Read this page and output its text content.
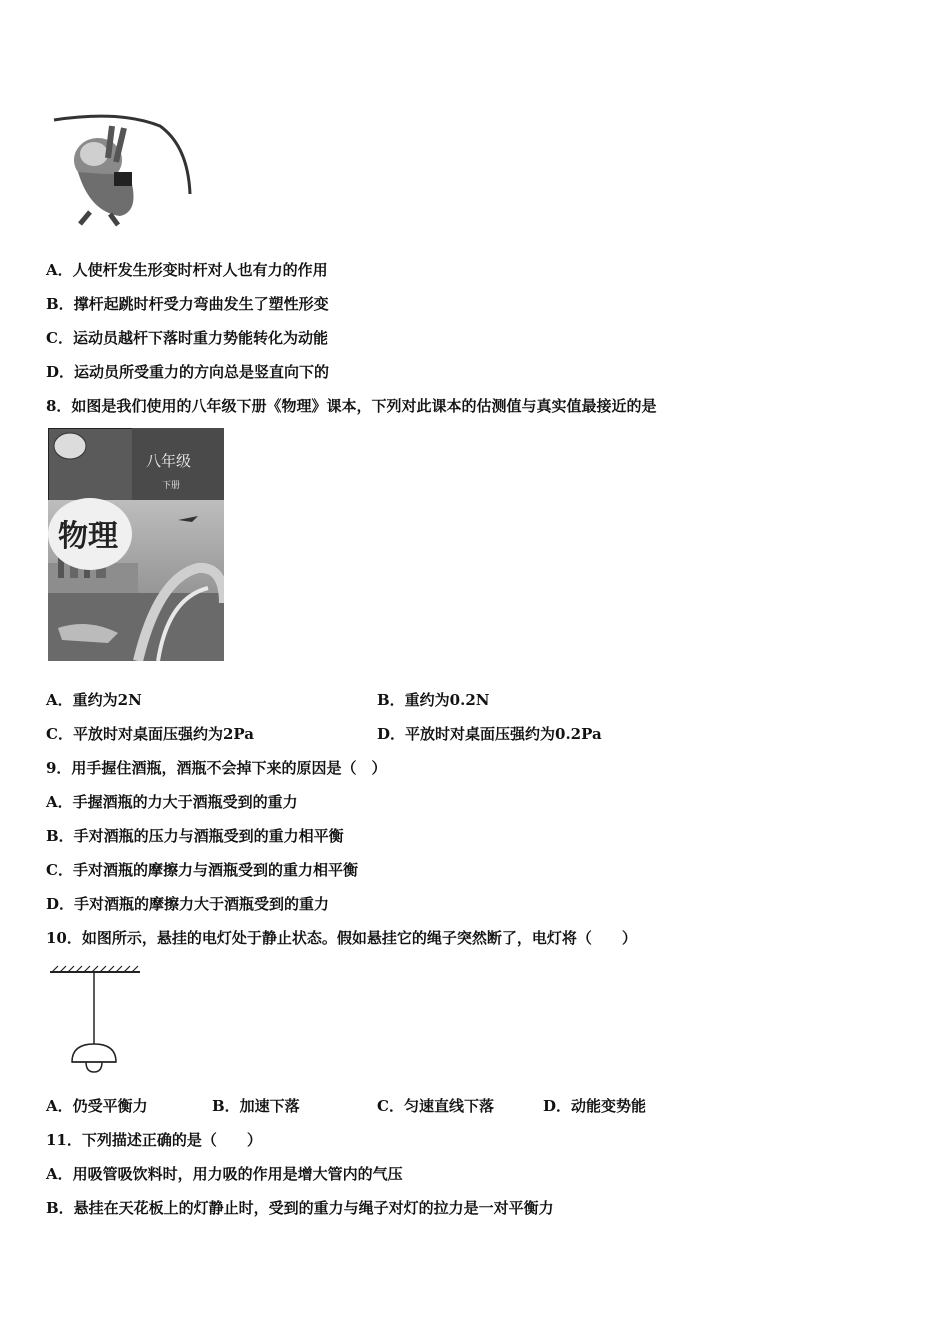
A．人使杆发生形变时杆对人也有力的作用
B．撑杆起跳时杆受力弯曲发生了塑性形变
C．运动员越杆下落时重力势能转化为动能
D．运动员所受重力的方向总是竖直向下的
8．如图是我们使用的八年级下册《物理》课本，下列对此课本的估测值与真实值最接近的是
八年级
下册
物理
A．重约为2N	B．重约为0.2N
C．平放时对桌面压强约为2Pa	D．平放时对桌面压强约为0.2Pa
9．用手握住酒瓶，酒瓶不会掉下来的原因是（　）
A．手握酒瓶的力大于酒瓶受到的重力
B．手对酒瓶的压力与酒瓶受到的重力相平衡
C．手对酒瓶的摩擦力与酒瓶受到的重力相平衡
D．手对酒瓶的摩擦力大于酒瓶受到的重力
10．如图所示，悬挂的电灯处于静止状态。假如悬挂它的绳子突然断了，电灯将（　　）
A．仍受平衡力	B．加速下落	C．匀速直线下落	D．动能变势能
11．下列描述正确的是（　　）
A．用吸管吸饮料时，用力吸的作用是增大管内的气压
B．悬挂在天花板上的灯静止时，受到的重力与绳子对灯的拉力是一对平衡力
